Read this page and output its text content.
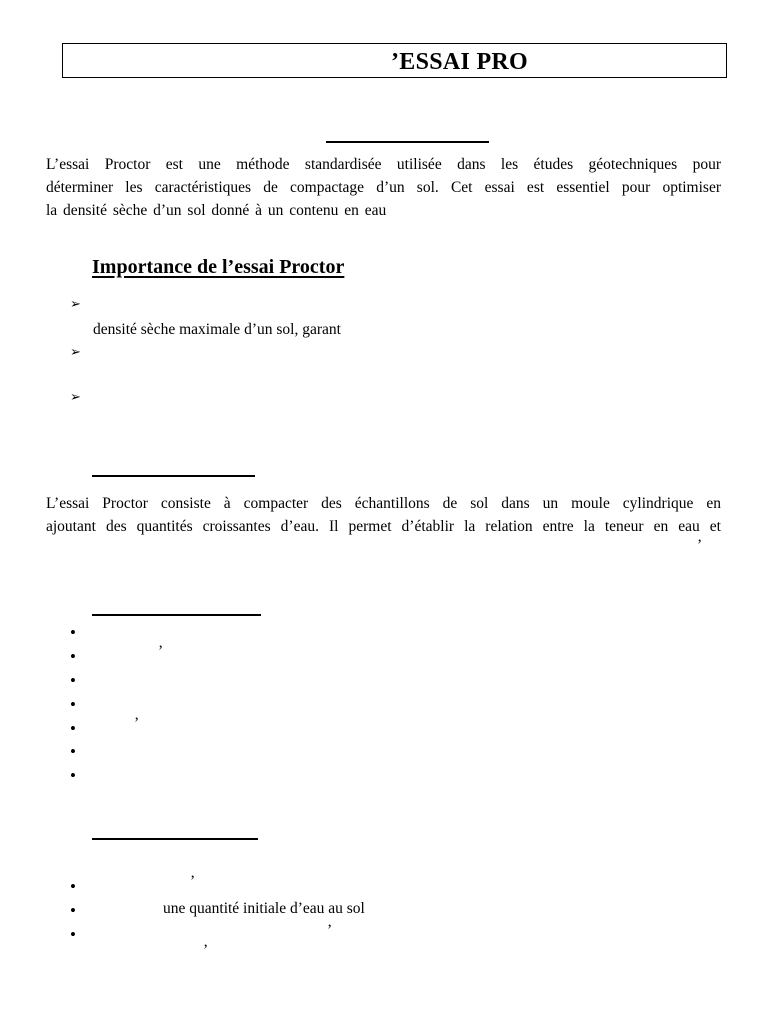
’ESSAI PRO
L’essai Proctor est une méthode standardisée utilisée dans les études géotechniques pour
déterminer les caractéristiques de compactage d’un sol. Cet essai est essentiel pour optimiser
la densité sèche d’un sol donné à un contenu en eau
Importance de l’essai Proctor
➢
densité sèche maximale d’un sol, garant
➢
➢
L’essai Proctor consiste à compacter des échantillons de sol dans un moule cylindrique en
ajoutant des quantités croissantes d’eau. Il permet d’établir la relation entre la teneur en eau et
’
•
•	’
•
•
•	’
•
•
•	’
•	une quantité initiale d’eau au sol
•	’
’
